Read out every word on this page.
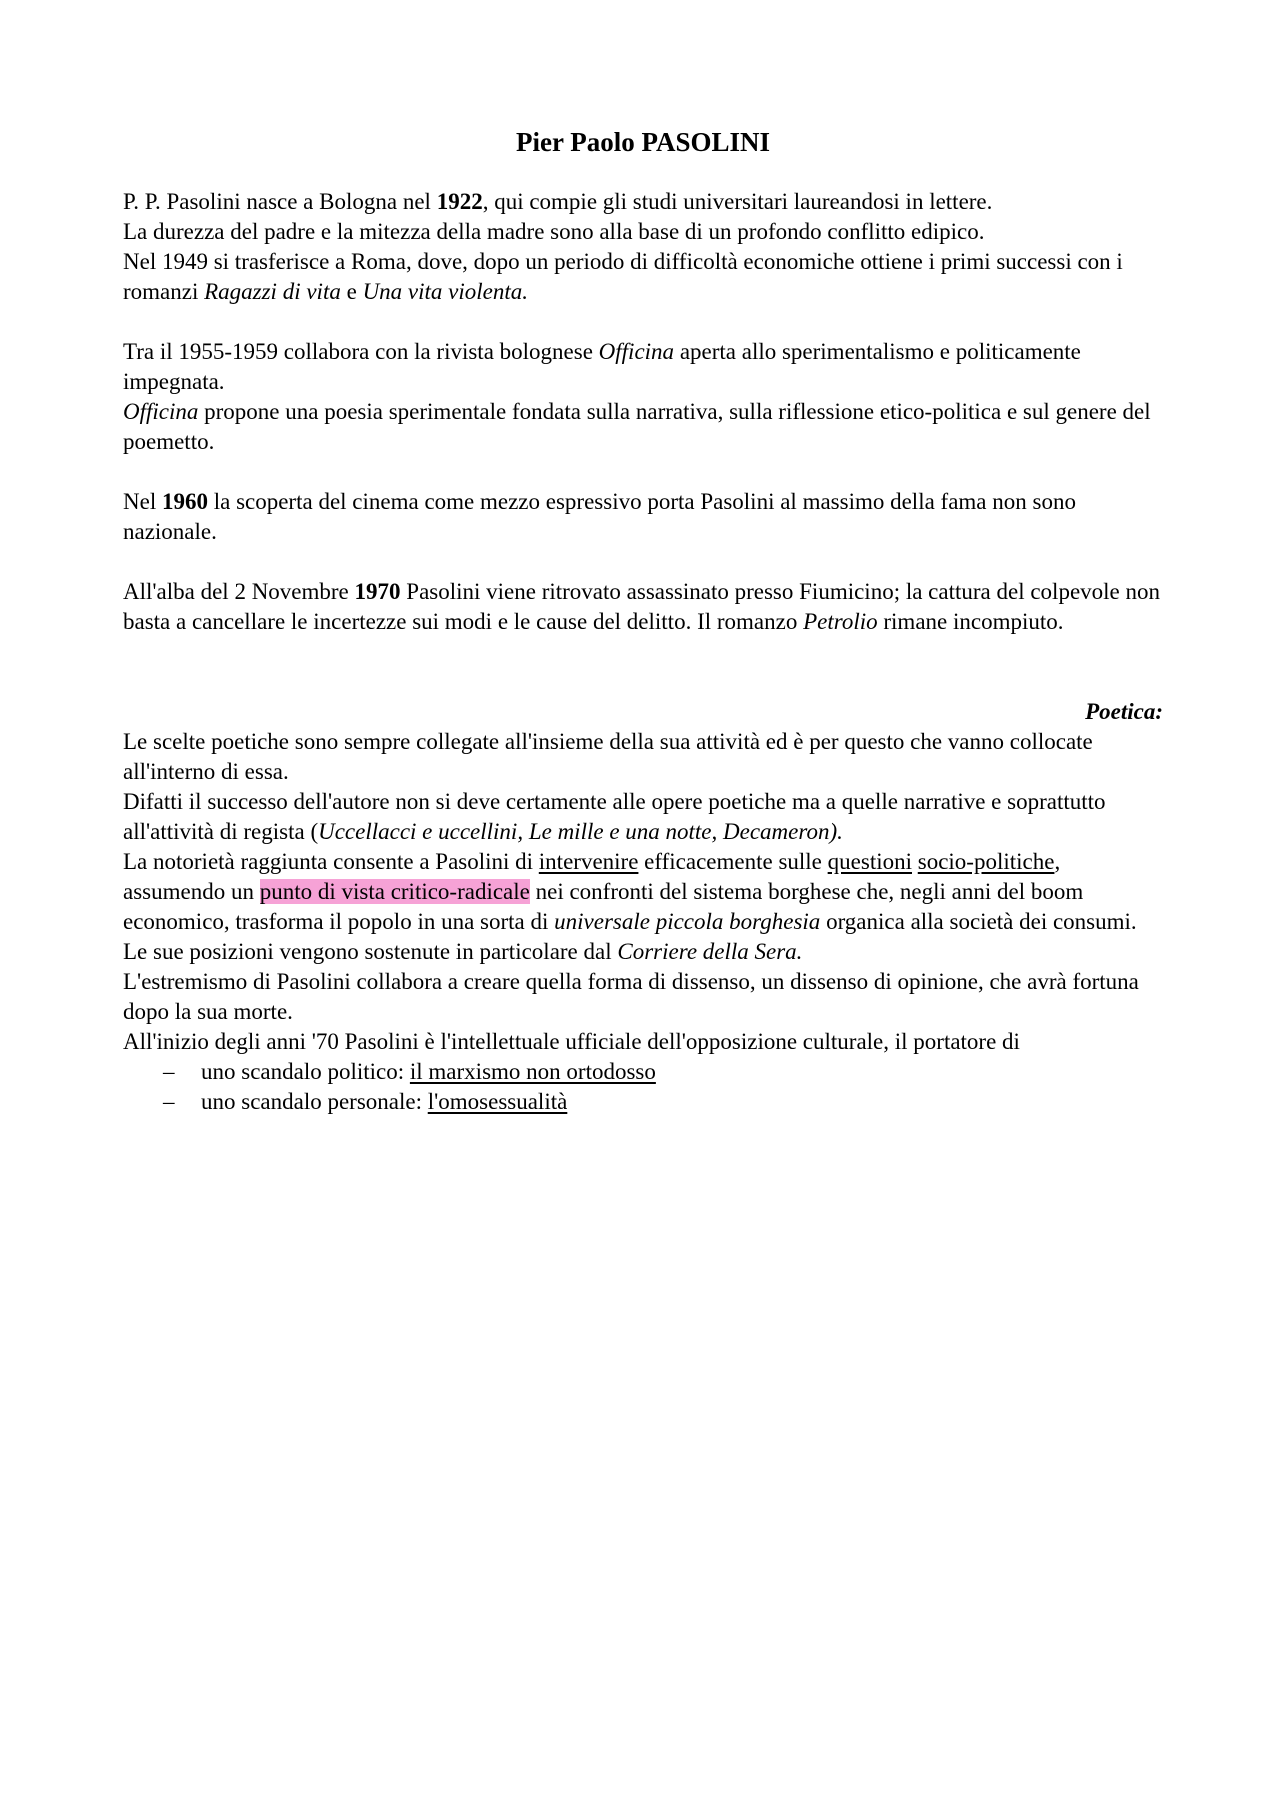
Pier Paolo PASOLINI

P. P. Pasolini nasce a Bologna nel 1922, qui compie gli studi universitari laureandosi in lettere.

La durezza del padre e la mitezza della madre sono alla base di un profondo conflitto edipico.

Nel 1949 si trasferisce a Roma, dove, dopo un periodo di difficoltà economiche ottiene i primi successi con i romanzi Ragazzi di vita e Una vita violenta.

Tra il 1955-1959 collabora con la rivista bolognese Officina aperta allo sperimentalismo e politicamente impegnata.

Officina propone una poesia sperimentale fondata sulla narrativa, sulla riflessione etico-politica e sul genere del poemetto.

Nel 1960 la scoperta del cinema come mezzo espressivo porta Pasolini al massimo della fama non sono nazionale.

All'alba del 2 Novembre 1970 Pasolini viene ritrovato assassinato presso Fiumicino; la cattura del colpevole non basta a cancellare le incertezze sui modi e le cause del delitto. Il romanzo Petrolio rimane incompiuto.

Poetica:

Le scelte poetiche sono sempre collegate all'insieme della sua attività ed è per questo che vanno collocate all'interno di essa.

Difatti il successo dell'autore non si deve certamente alle opere poetiche ma a quelle narrative e soprattutto all'attività di regista (Uccellacci e uccellini, Le mille e una notte, Decameron).

La notorietà raggiunta consente a Pasolini di intervenire efficacemente sulle questioni socio-politiche, assumendo un punto di vista critico-radicale nei confronti del sistema borghese che, negli anni del boom economico, trasforma il popolo in una sorta di universale piccola borghesia organica alla società dei consumi.

Le sue posizioni vengono sostenute in particolare dal Corriere della Sera.

L'estremismo di Pasolini collabora a creare quella forma di dissenso, un dissenso di opinione, che avrà fortuna dopo la sua morte.

All'inizio degli anni '70 Pasolini è l'intellettuale ufficiale dell'opposizione culturale, il portatore di

– uno scandalo politico: il marxismo non ortodosso
– uno scandalo personale: l'omosessualità
